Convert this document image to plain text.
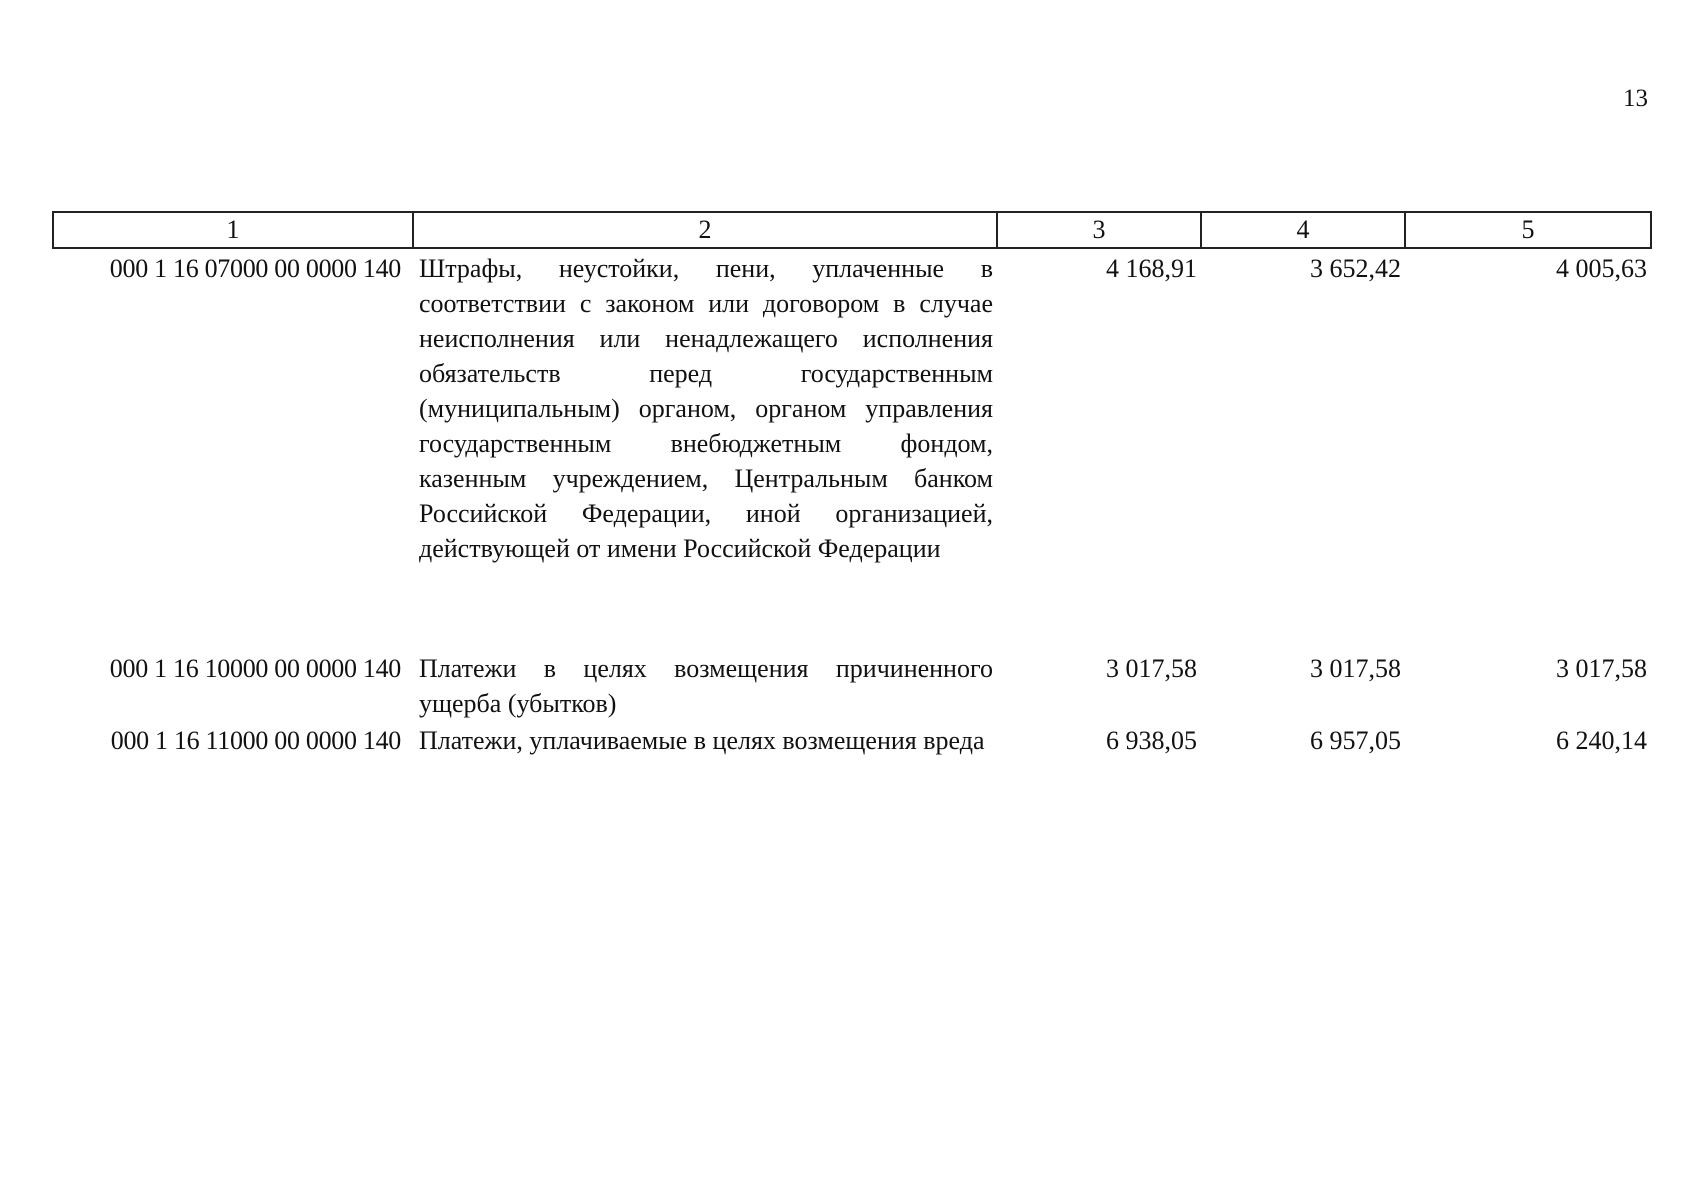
13
1	2	3	4	5
000 1 16 07000 00 0000 140	Штрафы, неустойки, пени, уплаченные в соответствии с законом или договором в случае неисполнения или ненадлежащего исполнения обязательств перед государственным (муниципальным) органом, органом управления государственным внебюджетным фондом, казенным учреждением, Центральным банком Российской Федерации, иной организацией, действующей от имени Российской Федерации	4 168,91	3 652,42	4 005,63
000 1 16 10000 00 0000 140	Платежи в целях возмещения причиненного ущерба (убытков)	3 017,58	3 017,58	3 017,58
000 1 16 11000 00 0000 140	Платежи, уплачиваемые в целях возмещения вреда	6 938,05	6 957,05	6 240,14
